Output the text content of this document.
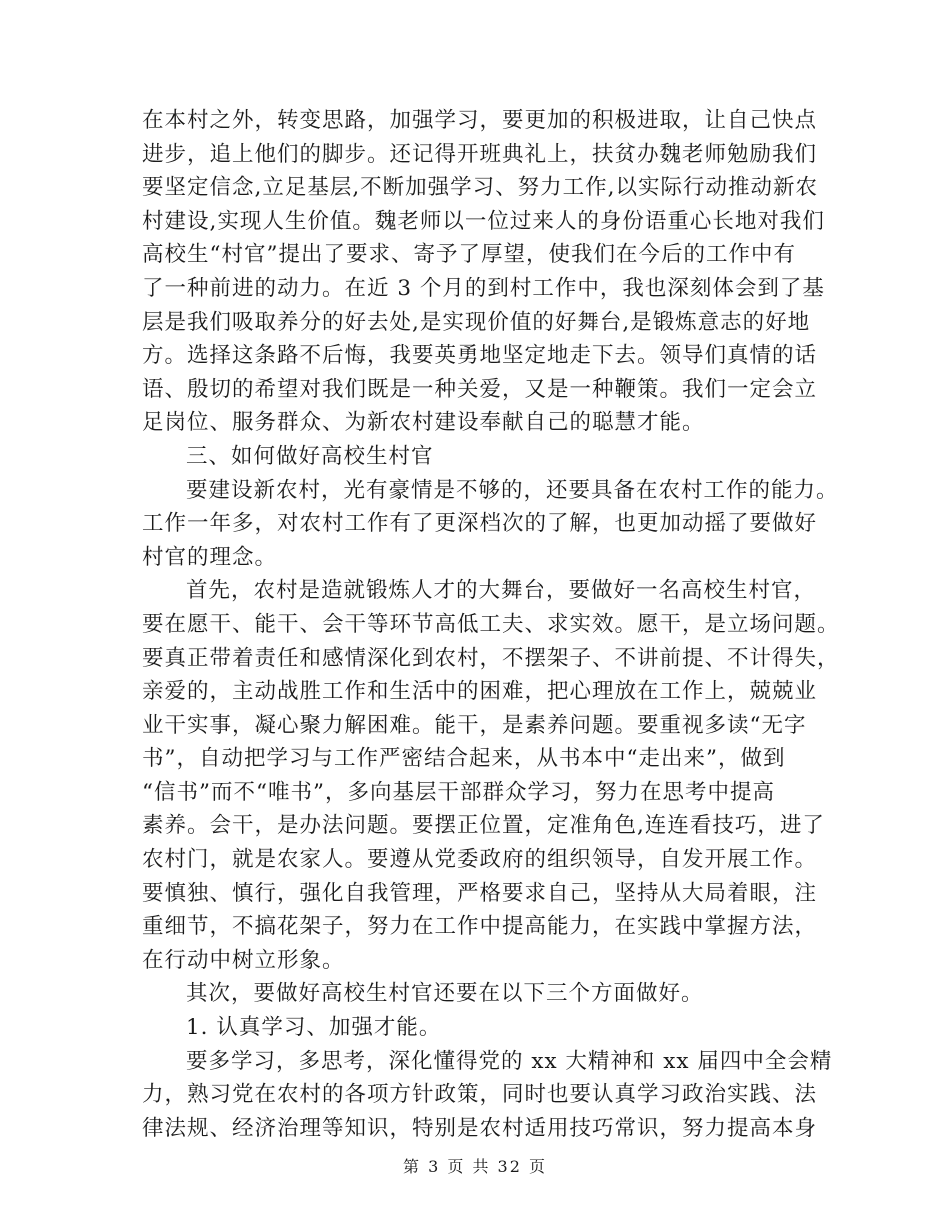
在本村之外，转变思路，加强学习，要更加的积极进取，让自己快点
进步，追上他们的脚步。还记得开班典礼上，扶贫办魏老师勉励我们
要坚定信念,立足基层,不断加强学习、努力工作,以实际行动推动新农
村建设,实现人生价值。魏老师以一位过来人的身份语重心长地对我们
高校生“村官”提出了要求、寄予了厚望，使我们在今后的工作中有
了一种前进的动力。在近 3 个月的到村工作中，我也深刻体会到了基
层是我们吸取养分的好去处,是实现价值的好舞台,是锻炼意志的好地
方。选择这条路不后悔，我要英勇地坚定地走下去。领导们真情的话
语、殷切的希望对我们既是一种关爱，又是一种鞭策。我们一定会立
足岗位、服务群众、为新农村建设奉献自己的聪慧才能。
三、如何做好高校生村官
要建设新农村，光有豪情是不够的，还要具备在农村工作的能力。
工作一年多，对农村工作有了更深档次的了解，也更加动摇了要做好
村官的理念。
首先，农村是造就锻炼人才的大舞台，要做好一名高校生村官，
要在愿干、能干、会干等环节高低工夫、求实效。愿干，是立场问题。
要真正带着责任和感情深化到农村，不摆架子、不讲前提、不计得失，
亲爱的，主动战胜工作和生活中的困难，把心理放在工作上，兢兢业
业干实事，凝心聚力解困难。能干，是素养问题。要重视多读“无字
书”，自动把学习与工作严密结合起来，从书本中“走出来”，做到
“信书”而不“唯书”，多向基层干部群众学习，努力在思考中提高
素养。会干，是办法问题。要摆正位置，定准角色,连连看技巧，进了
农村门，就是农家人。要遵从党委政府的组织领导，自发开展工作。
要慎独、慎行，强化自我管理，严格要求自己，坚持从大局着眼，注
重细节，不搞花架子，努力在工作中提高能力，在实践中掌握方法，
在行动中树立形象。
其次，要做好高校生村官还要在以下三个方面做好。
1. 认真学习、加强才能。
要多学习，多思考，深化懂得党的 xx 大精神和 xx 届四中全会精
力，熟习党在农村的各项方针政策，同时也要认真学习政治实践、法
律法规、经济治理等知识，特别是农村适用技巧常识，努力提高本身
第 3 页 共 32 页
